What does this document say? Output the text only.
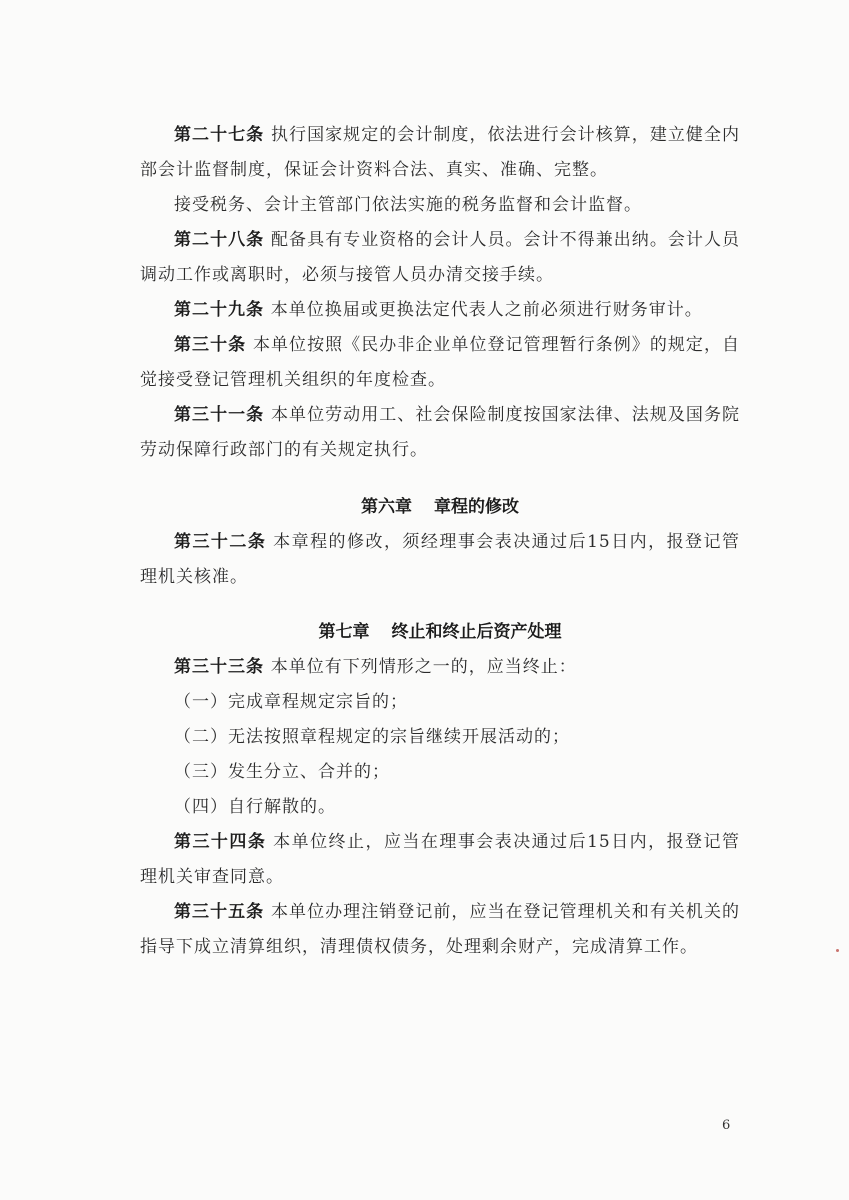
第二十七条 执行国家规定的会计制度，依法进行会计核算，建立健全内部会计监督制度，保证会计资料合法、真实、准确、完整。

接受税务、会计主管部门依法实施的税务监督和会计监督。

第二十八条 配备具有专业资格的会计人员。会计不得兼出纳。会计人员调动工作或离职时，必须与接管人员办清交接手续。

第二十九条 本单位换届或更换法定代表人之前必须进行财务审计。

第三十条 本单位按照《民办非企业单位登记管理暂行条例》的规定，自觉接受登记管理机关组织的年度检查。

第三十一条 本单位劳动用工、社会保险制度按国家法律、法规及国务院劳动保障行政部门的有关规定执行。

第六章 章程的修改

第三十二条 本章程的修改，须经理事会表决通过后15日内，报登记管理机关核准。

第七章 终止和终止后资产处理

第三十三条 本单位有下列情形之一的，应当终止：

（一）完成章程规定宗旨的；

（二）无法按照章程规定的宗旨继续开展活动的；

（三）发生分立、合并的；

（四）自行解散的。

第三十四条 本单位终止，应当在理事会表决通过后15日内，报登记管理机关审查同意。

第三十五条 本单位办理注销登记前，应当在登记管理机关和有关机关的指导下成立清算组织，清理债权债务，处理剩余财产，完成清算工作。

6
